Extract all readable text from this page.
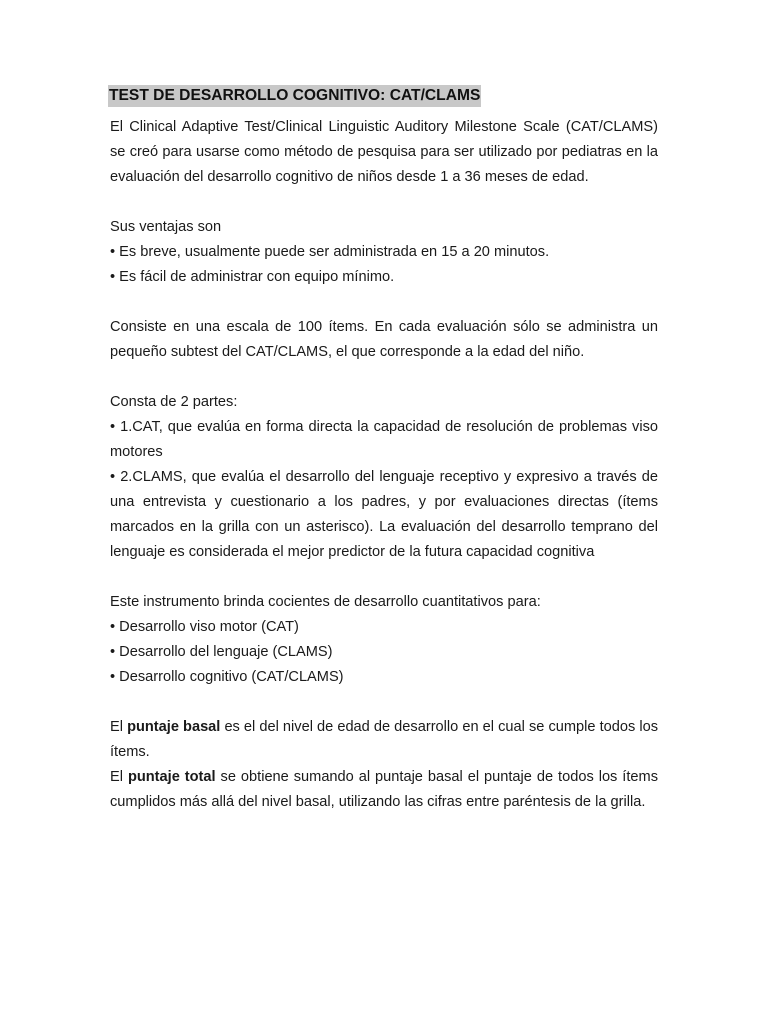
TEST DE DESARROLLO COGNITIVO: CAT/CLAMS

El Clinical Adaptive Test/Clinical Linguistic Auditory Milestone Scale (CAT/CLAMS) se creó para usarse como método de pesquisa para ser utilizado por pediatras en la evaluación del desarrollo cognitivo de niños desde 1 a 36 meses de edad.

Sus ventajas son

• Es breve, usualmente puede ser administrada en 15 a 20 minutos.

• Es fácil de administrar con equipo mínimo.

Consiste en una escala de 100 ítems. En cada evaluación sólo se administra un pequeño subtest del CAT/CLAMS, el que corresponde a la edad del niño.

Consta de 2 partes:

• 1.CAT, que evalúa en forma directa la capacidad de resolución de problemas viso motores

• 2.CLAMS, que evalúa el desarrollo del lenguaje receptivo y expresivo a través de una entrevista y cuestionario a los padres, y por evaluaciones directas (ítems marcados en la grilla con un asterisco). La evaluación del desarrollo temprano del lenguaje es considerada el mejor predictor de la futura capacidad cognitiva

Este instrumento brinda cocientes de desarrollo cuantitativos para:

• Desarrollo viso motor (CAT)

• Desarrollo del lenguaje (CLAMS)

• Desarrollo cognitivo (CAT/CLAMS)

El puntaje basal es el del nivel de edad de desarrollo en el cual se cumple todos los ítems.

El puntaje total se obtiene sumando al puntaje basal el puntaje de todos los ítems cumplidos más allá del nivel basal, utilizando las cifras entre paréntesis de la grilla.
